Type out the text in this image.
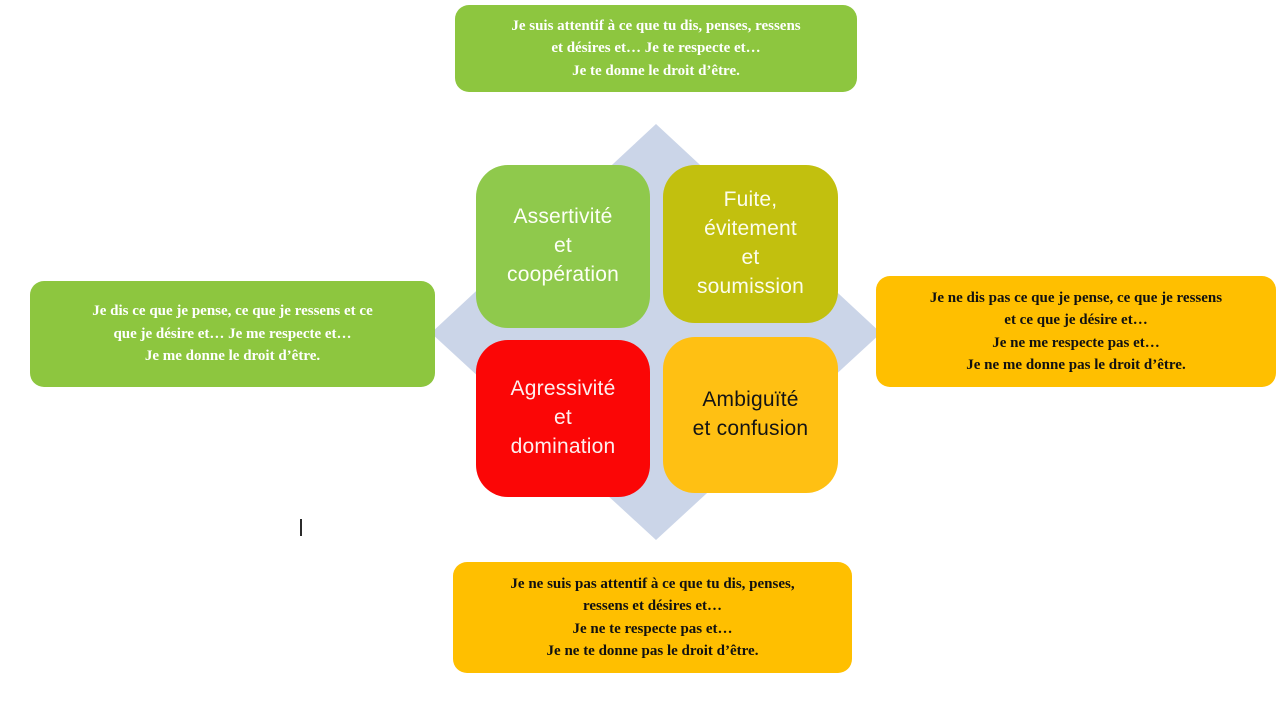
Je suis attentif à ce que tu dis, penses, ressens
et désires et… Je te respecte et…
Je te donne le droit d’être.
Je dis ce que je pense, ce que je ressens et ce
que je désire et… Je me respecte et…
Je me donne le droit d’être.
Je ne dis pas ce que je pense, ce que je ressens
et ce que je désire et…
Je ne me respecte pas et…
Je ne me donne pas le droit d’être.
Je ne suis pas attentif à ce que tu dis, penses,
ressens et désires et…
Je ne te respecte pas et…
Je ne te donne pas le droit d’être.
Assertivité
et
coopération
Fuite,
évitement
et
soumission
Agressivité
et
domination
Ambiguïté
et confusion
